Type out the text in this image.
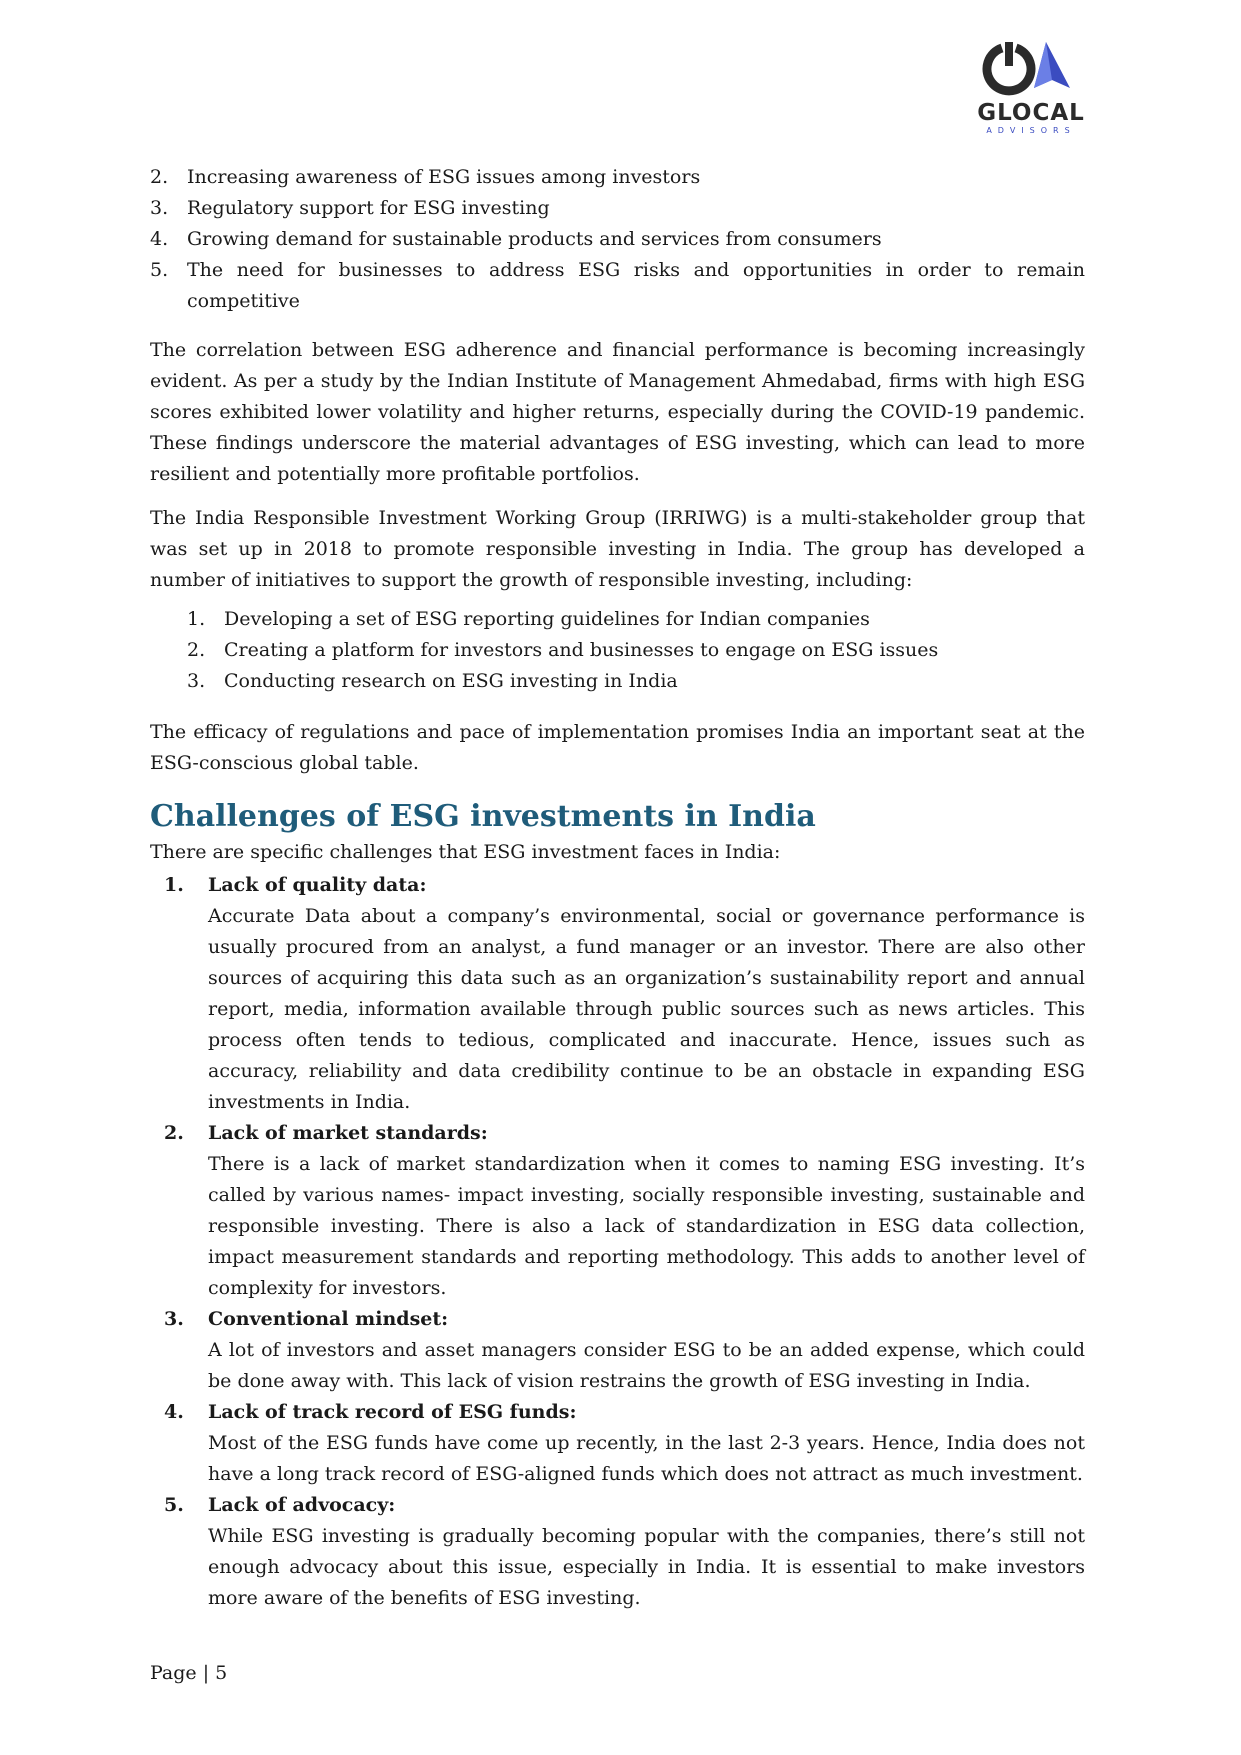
GLOCAL
ADVISORS
2. Increasing awareness of ESG issues among investors
3. Regulatory support for ESG investing
4. Growing demand for sustainable products and services from consumers
5. The need for businesses to address ESG risks and opportunities in order to remain competitive

The correlation between ESG adherence and financial performance is becoming increasingly evident. As per a study by the Indian Institute of Management Ahmedabad, firms with high ESG scores exhibited lower volatility and higher returns, especially during the COVID-19 pandemic. These findings underscore the material advantages of ESG investing, which can lead to more resilient and potentially more profitable portfolios.

The India Responsible Investment Working Group (IRRIWG) is a multi-stakeholder group that was set up in 2018 to promote responsible investing in India. The group has developed a number of initiatives to support the growth of responsible investing, including:

1. Developing a set of ESG reporting guidelines for Indian companies
2. Creating a platform for investors and businesses to engage on ESG issues
3. Conducting research on ESG investing in India

The efficacy of regulations and pace of implementation promises India an important seat at the ESG-conscious global table.

Challenges of ESG investments in India

There are specific challenges that ESG investment faces in India:

1. Lack of quality data:
Accurate Data about a company’s environmental, social or governance performance is usually procured from an analyst, a fund manager or an investor. There are also other sources of acquiring this data such as an organization’s sustainability report and annual report, media, information available through public sources such as news articles. This process often tends to tedious, complicated and inaccurate. Hence, issues such as accuracy, reliability and data credibility continue to be an obstacle in expanding ESG investments in India.
2. Lack of market standards:
There is a lack of market standardization when it comes to naming ESG investing. It’s called by various names- impact investing, socially responsible investing, sustainable and responsible investing. There is also a lack of standardization in ESG data collection, impact measurement standards and reporting methodology. This adds to another level of complexity for investors.
3. Conventional mindset:
A lot of investors and asset managers consider ESG to be an added expense, which could be done away with. This lack of vision restrains the growth of ESG investing in India.
4. Lack of track record of ESG funds:
Most of the ESG funds have come up recently, in the last 2-3 years. Hence, India does not have a long track record of ESG-aligned funds which does not attract as much investment.
5. Lack of advocacy:
While ESG investing is gradually becoming popular with the companies, there’s still not enough advocacy about this issue, especially in India. It is essential to make investors more aware of the benefits of ESG investing.
Page | 5
